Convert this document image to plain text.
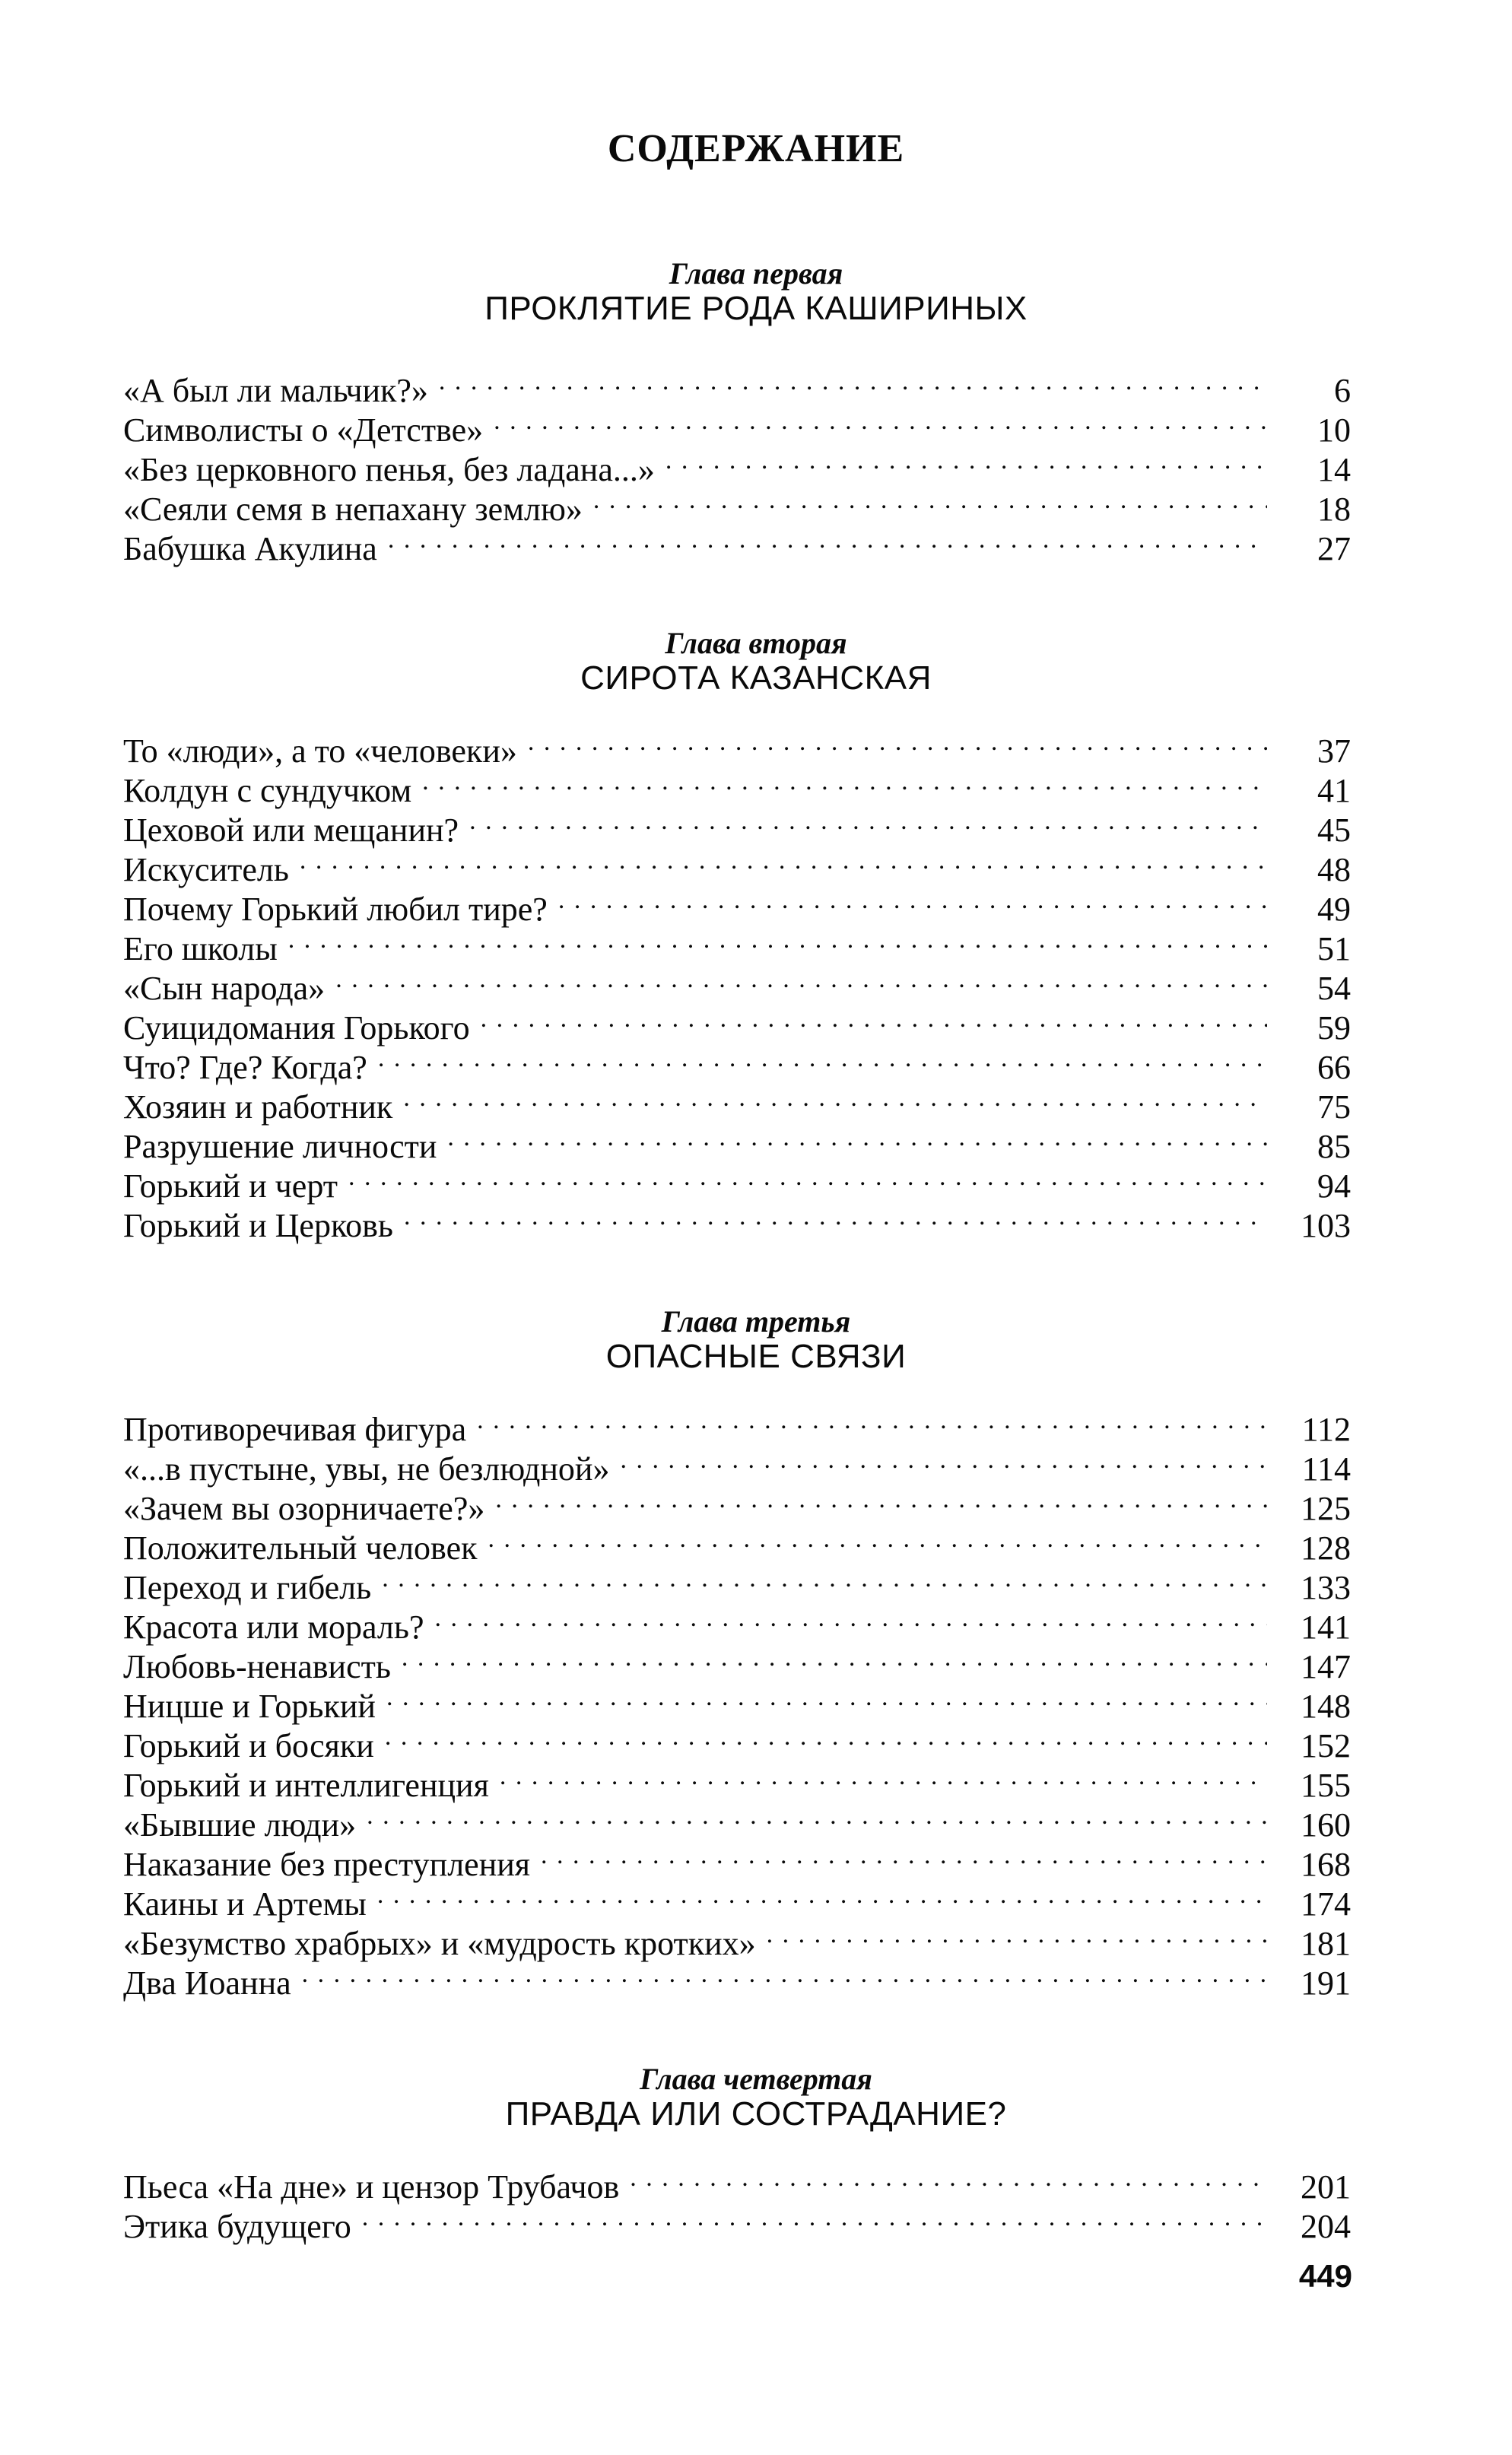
СОДЕРЖАНИЕ
Глава первая
ПРОКЛЯТИЕ РОДА КАШИРИНЫХ
«А был ли мальчик?» . . .	6
Символисты о «Детстве» . . .	10
«Без церковного пенья, без ладана...» . . .	14
«Сеяли семя в непахану землю» . . .	18
Бабушка Акулина . . .	27
Глава вторая
СИРОТА КАЗАНСКАЯ
То «люди», а то «человеки» . . .	37
Колдун с сундучком . . .	41
Цеховой или мещанин? . . .	45
Искуситель . . .	48
Почему Горький любил тире? . . .	49
Его школы . . .	51
«Сын народа» . . .	54
Суицидомания Горького . . .	59
Что? Где? Когда? . . .	66
Хозяин и работник . . .	75
Разрушение личности . . .	85
Горький и черт . . .	94
Горький и Церковь . . .	103
Глава третья
ОПАСНЫЕ СВЯЗИ
Противоречивая фигура . . .	112
«...в пустыне, увы, не безлюдной» . . .	114
«Зачем вы озорничаете?» . . .	125
Положительный человек . . .	128
Переход и гибель . . .	133
Красота или мораль? . . .	141
Любовь-ненависть . . .	147
Ницше и Горький . . .	148
Горький и босяки . . .	152
Горький и интеллигенция . . .	155
«Бывшие люди» . . .	160
Наказание без преступления . . .	168
Каины и Артемы . . .	174
«Безумство храбрых» и «мудрость кротких» . . .	181
Два Иоанна . . .	191
Глава четвертая
ПРАВДА ИЛИ СОСТРАДАНИЕ?
Пьеса «На дне» и цензор Трубачов . . .	201
Этика будущего . . .	204
449
